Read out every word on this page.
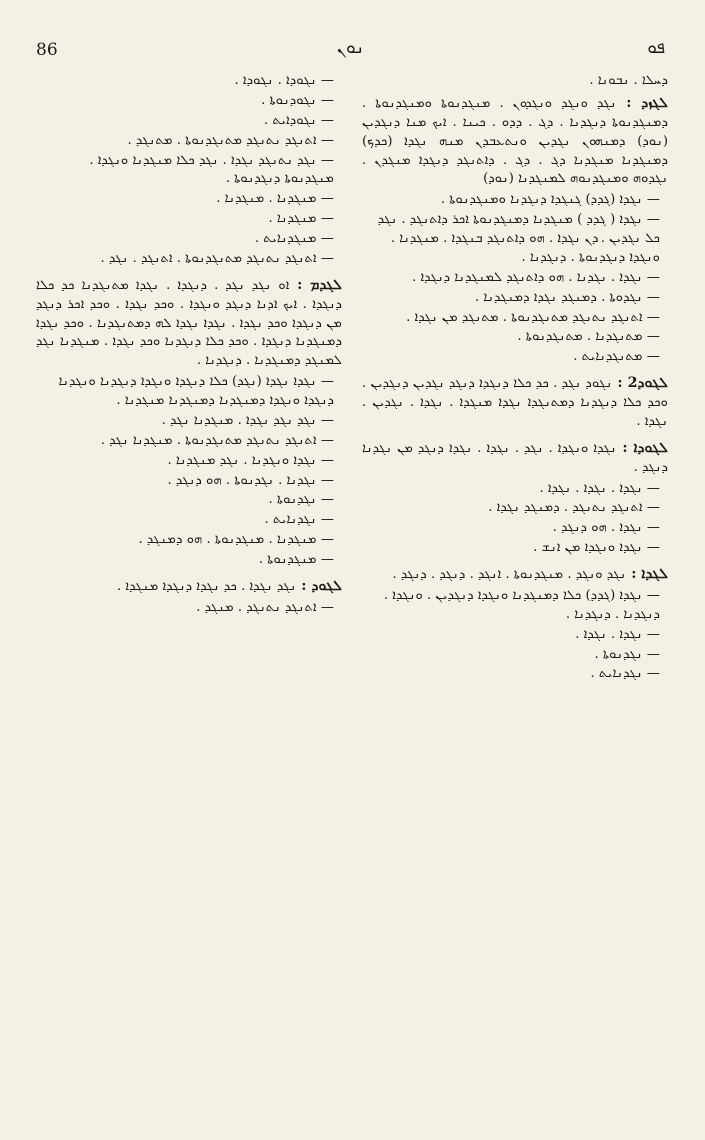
86	ܢܘܢ	ܦܘ

ܕܚܠܐ . ܢܒܘܢܐ .

ܠܓܙܕ : ܢܓܕ ܘܢܓܕ ܘܢܓܕܘܢ . ܡܢܓܕܢܘܬܐ ܘܡܢܓܕܢܘܬܐ . ܕܡܢܓܕܢܘܬܐ ܕܢܓܕܢܐ . ܕܓ . ܕܕܘ . ܟܝܢܐ . ܐܝܟ ܡܢܐ ܕܢܓܕܝܢ (ܢܘܕ) ܕܡܢܗܘܢ ܢܓܕܝܢ ܘܢܬܥܒܕܢ ܡܢܗ ܢܓܕܐ (ܟܕܟ) ܕܡܢܓܕܢܐ ܡܢܓܕܢܐ ܕܓ . ܕܓ . ܕܐܬܢܓܕ ܕܢܓܕܐ ܡܢܓܕܢ . ܢܓܕܘܗ ܘܡܢܓܕܢܘܗ ܠܡܢܓܕܢܐ (ܢܘܕ)

— ܢܓܕܐ (ܓܕܕ) ܓܢܓܕܐ ܕܢܓܕܢܐ ܘܡܢܓܕܢܘܬܐ .

— ܢܓܕܐ ( ܓܕܕ ) ܡܢܓܕܢܐ ܕܡܢܓܕܢܘܬܐ ܐܟܪ ܕܐܬܢܓܕ . ܢܓܕ ܟܠ ܢܓܕܝܢ . ܕܢ ܢܓܕܐ . ܗܘ ܕܐܬܢܓܕ ܒܢܓܕܐ . ܡܢܓܕܢܐ . ܘܢܓܕܐ ܕܢܓܕܢܘܬܐ . ܕܢܓܕܢܐ .

— ܢܓܕܐ . ܢܓܕܢܐ . ܗܘ ܕܐܬܢܓܕ ܠܡܢܓܕܢܐ ܕܢܓܕܐ .

— ܢܓܕܘܬܐ . ܕܡܢܓܕ ܢܓܕܐ ܕܡܢܓܕܢܐ .

— ܐܬܢܓܕ ܢܬܢܓܕ ܡܬܢܓܕܢܘܬܐ . ܡܬܢܓܕ ܡܢ ܢܓܕܐ .

— ܡܬܢܓܕܢܐ . ܡܬܢܓܕܢܘܬܐ .

— ܡܬܢܓܕܢܐܝܬ .

ܠܓܘܕ2 : ܢܓܘܕ ܢܓܕ . ܟܕ ܟܠܐ ܕܢܓܕܐ ܕܢܓܕ ܢܓܕܝܢ ܕܢܓܕܝܢ . ܘܟܕ ܟܠܐ ܕܢܓܕܢܐ ܕܡܬܢܓܕܐ ܢܓܕܐ ܡܢܓܕܐ . ܢܓܕܐ . ܢܓܕܝܢ . ܢܓܕܐ .

ܠܓܘܕܐ : ܢܓܕܐ ܘܢܓܕܐ . ܢܓܕ . ܢܓܕܐ . ܢܓܕܐ ܕܢܓܕ ܡܢ ܢܓܕܢܐ ܕܢܓܕ .

— ܢܓܕܐ . ܢܓܕܐ . ܢܓܕܐ .

— ܐܬܢܓܕ ܢܬܢܓܕ . ܕܡܢܓܕ ܢܓܕܐ .

— ܢܓܕܐ . ܗܘ ܕܢܓܕ .

— ܢܓܕܐ ܘܢܓܕܐ ܡܢ ܐܢܫ .

ܠܓܕܐ : ܢܓܕ ܘܢܓܕ . ܡܢܓܕܢܘܬܐ . ܐܢܓܕ . ܕܢܓܕ . ܕܢܓܕ .

— ܢܓܕܐ (ܓܕܕ) ܟܠܐ ܕܡܢܓܕܢܐ ܘܢܓܕܐ ܕܢܓܕܝܢ . ܘܢܓܕܐ . ܕܢܓܕܢܐ . ܕܢܓܕܢܐ .

— ܢܓܕܐ . ܢܓܕܐ .

— ܢܓܕܢܘܬܐ .

— ܢܓܕܢܐܝܬ .

— ܢܓܘܕܐ . ܢܓܘܕܐ .

— ܢܓܘܕܢܘܬܐ .

— ܢܓܘܕܐܝܬ .

— ܐܬܢܓܕ ܢܬܢܓܕ ܡܬܢܓܕܢܘܬܐ . ܡܬܢܓܕ .

— ܢܓܕ ܢܬܢܓܕ ܢܓܕܐ . ܢܓܕ ܟܠܐ ܡܢܓܕܢܐ ܘܢܓܕܐ . ܡܢܓܕܢܘܬܐ ܕܢܓܕܢܘܬܐ .

— ܡܢܓܕܢܐ . ܡܢܓܕܢܐ .

— ܡܢܓܕܢܐ .

— ܡܢܓܕܢܐܝܬ .

— ܐܬܢܓܕ ܢܬܢܓܕ ܡܬܢܓܕܢܘܬܐ . ܐܬܢܓܕ . ܢܓܕ .

ܠܓܕܡ : ܐܘ ܢܓܕ ܢܓܕ . ܕܢܓܕܐ . ܢܓܕܐ ܡܬܢܓܕܢܐ ܟܕ ܟܠܐ ܕܢܓܕܐ . ܐܝܟ ܐܕܢܐ ܕܢܓܕ ܘܢܓܕܐ . ܘܟܕ ܢܓܕܐ . ܘܟܕ ܐܟܪ ܕܢܓܕ ܡܢ ܕܢܓܕܐ ܘܟܕ ܢܓܕܐ . ܢܓܕܐ ܢܓܕܐ ܠܗ ܕܡܬܢܓܕܢܐ . ܘܟܕ ܢܓܕܐ ܕܡܢܓܕܢܐ ܕܢܓܕܐ . ܘܟܕ ܟܠܐ ܕܢܓܕܢܐ ܘܟܕ ܢܓܕܐ . ܡܢܓܕܢܐ ܢܓܕ ܠܡܢܓܕ ܕܡܢܓܕܢܐ . ܕܢܓܕܢܐ .

— ܢܓܕܐ ܢܓܕܐ (ܢܓܕ) ܟܠܐ ܕܢܓܕܐ ܘܢܓܕܐ ܕܢܓܕܢܐ ܘܢܓܕܢܐ ܕܢܓܕܐ ܘܢܓܕܐ ܕܡܢܓܕܢܐ ܕܡܢܓܕܢܐ ܡܢܓܕܢܐ .

— ܢܓܕ ܢܓܕ ܢܓܕܐ . ܡܢܓܕܢܐ ܢܓܕ .

— ܐܬܢܓܕ ܢܬܢܓܕ ܡܬܢܓܕܢܘܬܐ . ܡܢܓܕܢܐ ܢܓܕ .

— ܢܓܕܐ ܘܢܓܕܢܐ . ܢܓܕ ܡܢܓܕܢܐ .

— ܢܓܕܢܐ . ܢܓܕܢܘܬܐ . ܗܘ ܕܢܓܕ .

— ܢܓܕܢܘܬܐ .

— ܢܓܕܢܐܝܬ .

— ܡܢܓܕܢܐ . ܡܢܓܕܢܘܬܐ . ܗܘ ܕܡܢܓܕ .

— ܡܢܓܕܢܘܬܐ .

ܠܓܘܕ : ܢܓܕ ܢܓܕܐ . ܟܕ ܢܓܕܐ ܕܢܓܕܐ ܡܢܓܕܐ .

— ܐܬܢܓܕ ܢܬܢܓܕ . ܡܢܓܕ .
